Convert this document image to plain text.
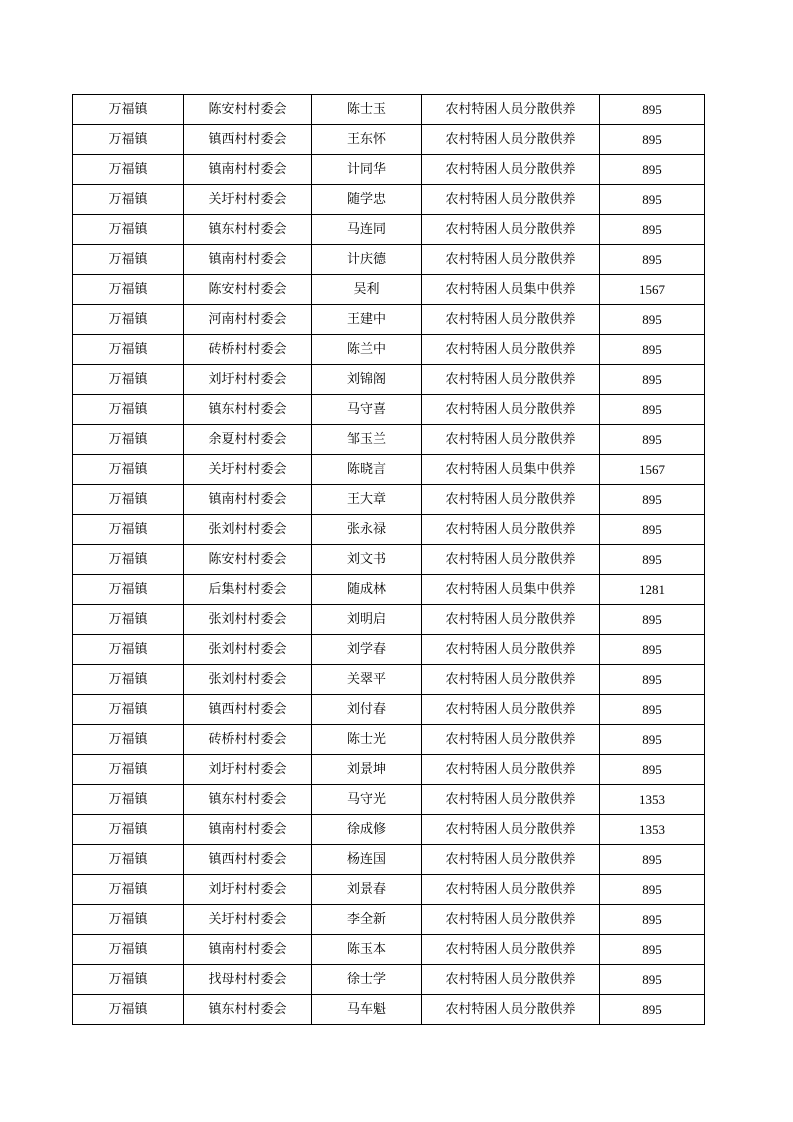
万福镇	陈安村村委会	陈士玉	农村特困人员分散供养	895
万福镇	镇西村村委会	王东怀	农村特困人员分散供养	895
万福镇	镇南村村委会	计同华	农村特困人员分散供养	895
万福镇	关圩村村委会	随学忠	农村特困人员分散供养	895
万福镇	镇东村村委会	马连同	农村特困人员分散供养	895
万福镇	镇南村村委会	计庆德	农村特困人员分散供养	895
万福镇	陈安村村委会	吴利	农村特困人员集中供养	1567
万福镇	河南村村委会	王建中	农村特困人员分散供养	895
万福镇	砖桥村村委会	陈兰中	农村特困人员分散供养	895
万福镇	刘圩村村委会	刘锦阁	农村特困人员分散供养	895
万福镇	镇东村村委会	马守喜	农村特困人员分散供养	895
万福镇	余夏村村委会	邹玉兰	农村特困人员分散供养	895
万福镇	关圩村村委会	陈晓言	农村特困人员集中供养	1567
万福镇	镇南村村委会	王大章	农村特困人员分散供养	895
万福镇	张刘村村委会	张永禄	农村特困人员分散供养	895
万福镇	陈安村村委会	刘文书	农村特困人员分散供养	895
万福镇	后集村村委会	随成林	农村特困人员集中供养	1281
万福镇	张刘村村委会	刘明启	农村特困人员分散供养	895
万福镇	张刘村村委会	刘学春	农村特困人员分散供养	895
万福镇	张刘村村委会	关翠平	农村特困人员分散供养	895
万福镇	镇西村村委会	刘付春	农村特困人员分散供养	895
万福镇	砖桥村村委会	陈士光	农村特困人员分散供养	895
万福镇	刘圩村村委会	刘景坤	农村特困人员分散供养	895
万福镇	镇东村村委会	马守光	农村特困人员分散供养	1353
万福镇	镇南村村委会	徐成修	农村特困人员分散供养	1353
万福镇	镇西村村委会	杨连国	农村特困人员分散供养	895
万福镇	刘圩村村委会	刘景春	农村特困人员分散供养	895
万福镇	关圩村村委会	李全新	农村特困人员分散供养	895
万福镇	镇南村村委会	陈玉本	农村特困人员分散供养	895
万福镇	找母村村委会	徐士学	农村特困人员分散供养	895
万福镇	镇东村村委会	马车魁	农村特困人员分散供养	895
